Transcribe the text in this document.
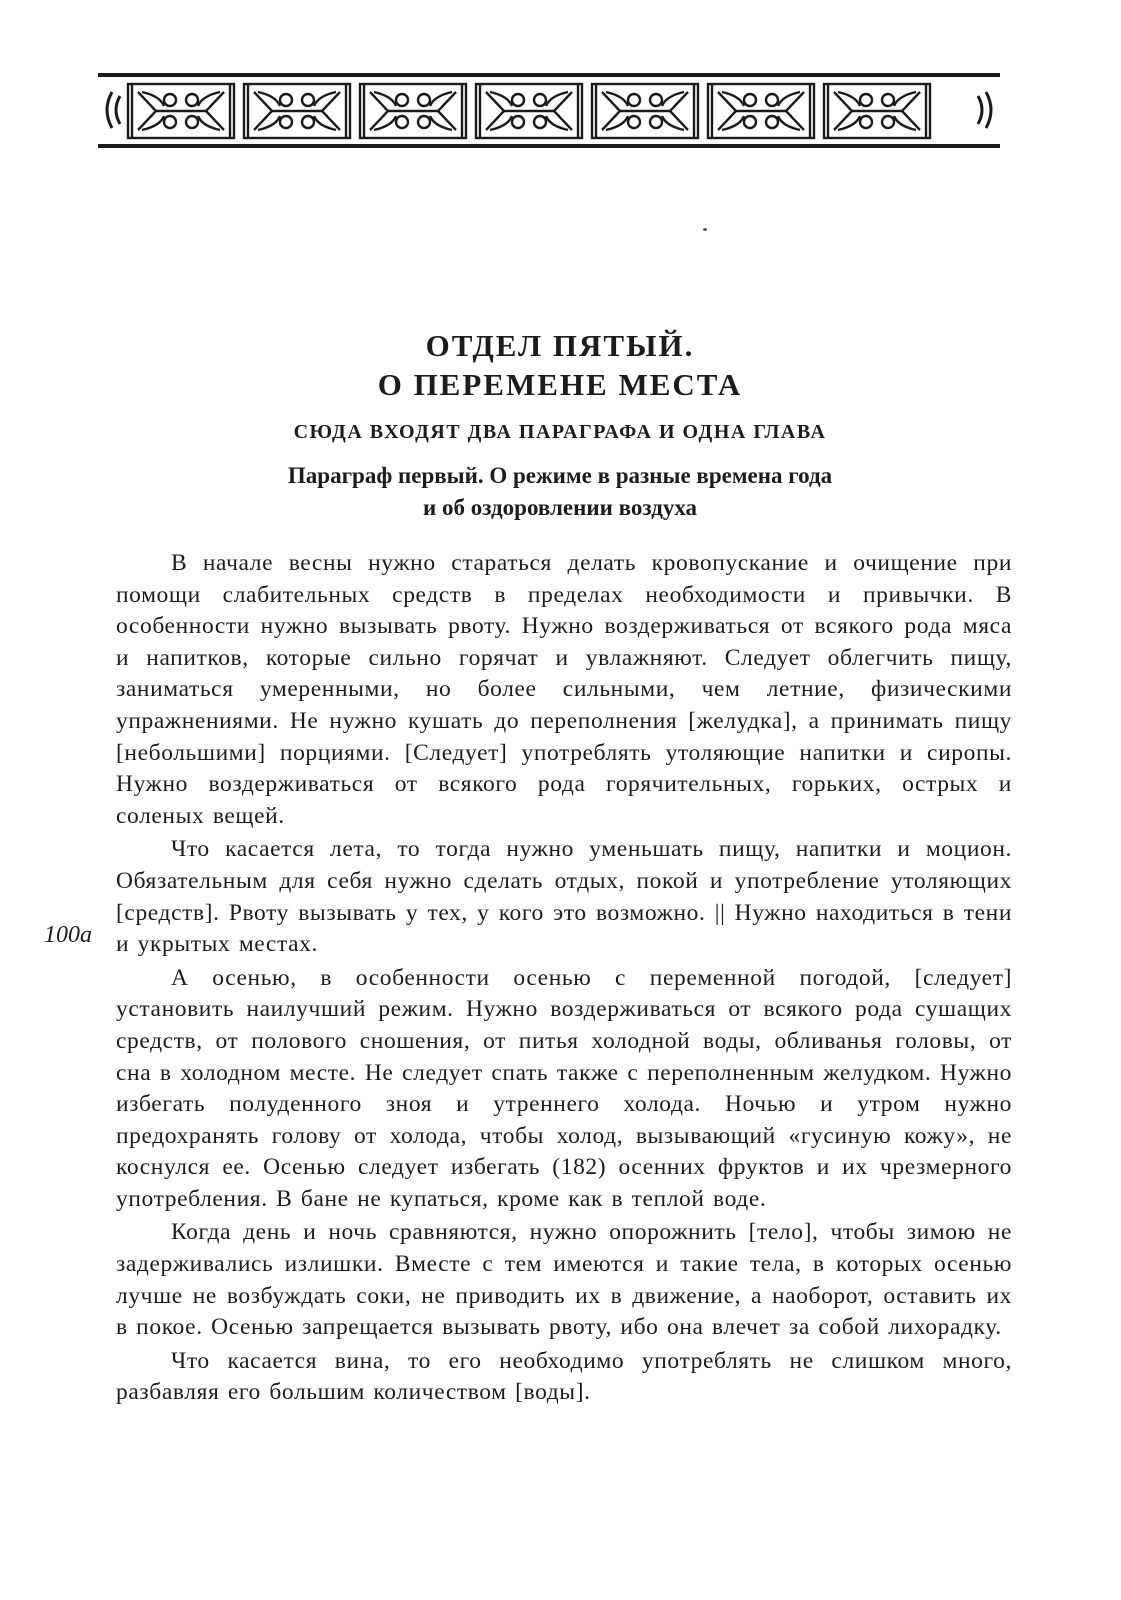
ОТДЕЛ ПЯТЫЙ.
О ПЕРЕМЕНЕ МЕСТА
СЮДА ВХОДЯТ ДВА ПАРАГРАФА И ОДНА ГЛАВА
Параграф первый. О режиме в разные времена года
и об оздоровлении воздуха
100а

В начале весны нужно стараться делать кровопускание и очищение при помощи слабительных средств в пределах необходимости и привычки. В особенности нужно вызывать рвоту. Нужно воздерживаться от всякого рода мяса и напитков, которые сильно горячат и увлажняют. Следует облегчить пищу, заниматься умеренными, но более сильными, чем летние, физическими упражнениями. Не нужно кушать до переполнения [желудка], а принимать пищу [небольшими] порциями. [Следует] употреблять утоляющие напитки и сиропы. Нужно воздерживаться от всякого рода горячительных, горьких, острых и соленых вещей.

Что касается лета, то тогда нужно уменьшать пищу, напитки и моцион. Обязательным для себя нужно сделать отдых, покой и употребление утоляющих [средств]. Рвоту вызывать у тех, у кого это возможно. || Нужно находиться в тени и укрытых местах.

А осенью, в особенности осенью с переменной погодой, [следует] установить наилучший режим. Нужно воздерживаться от всякого рода сушащих средств, от полового сношения, от питья холодной воды, обливанья головы, от сна в холодном месте. Не следует спать также с переполненным желудком. Нужно избегать полуденного зноя и утреннего холода. Ночью и утром нужно предохранять голову от холода, чтобы холод, вызывающий «гусиную кожу», не коснулся ее. Осенью следует избегать (182) осенних фруктов и их чрезмерного употребления. В бане не купаться, кроме как в теплой воде.

Когда день и ночь сравняются, нужно опорожнить [тело], чтобы зимою не задерживались излишки. Вместе с тем имеются и такие тела, в которых осенью лучше не возбуждать соки, не приводить их в движение, а наоборот, оставить их в покое. Осенью запрещается вызывать рвоту, ибо она влечет за собой лихорадку.

Что касается вина, то его необходимо употреблять не слишком много, разбавляя его большим количеством [воды].
